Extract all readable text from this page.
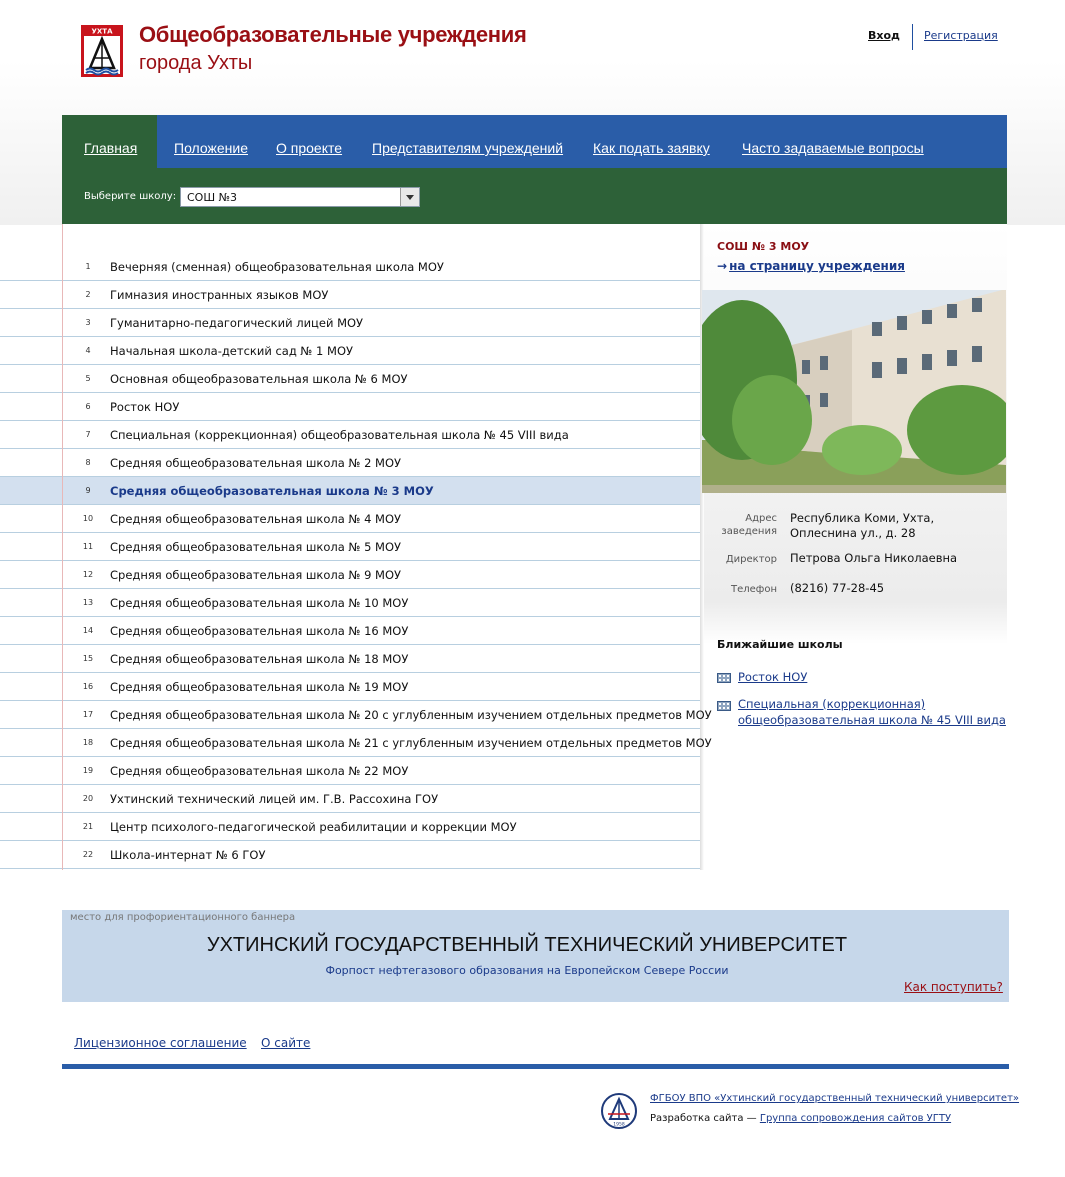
УХТА Общеобразовательные учреждения
города Ухты
Вход Регистрация
Главная	Положение О проекте Представителям учреждений Как подать заявку Часто задаваемые вопросы
Выберите школу: СОШ №3
1	Вечерняя (сменная) общеобразовательная школа МОУ
2	Гимназия иностранных языков МОУ
3	Гуманитарно-педагогический лицей МОУ
4	Начальная школа-детский сад № 1 МОУ
5	Основная общеобразовательная школа № 6 МОУ
6	Росток НОУ
7	Специальная (коррекционная) общеобразовательная школа № 45 VIII вида
8	Средняя общеобразовательная школа № 2 МОУ
9	Средняя общеобразовательная школа № 3 МОУ
10 Средняя общеобразовательная школа № 4 МОУ
11 Средняя общеобразовательная школа № 5 МОУ
12 Средняя общеобразовательная школа № 9 МОУ
13 Средняя общеобразовательная школа № 10 МОУ
14 Средняя общеобразовательная школа № 16 МОУ
15 Средняя общеобразовательная школа № 18 МОУ
16 Средняя общеобразовательная школа № 19 МОУ
17 Средняя общеобразовательная школа № 20 с углубленным изучением отдельных предметов МОУ
18 Средняя общеобразовательная школа № 21 с углубленным изучением отдельных предметов МОУ
19 Средняя общеобразовательная школа № 22 МОУ
20 Ухтинский технический лицей им. Г.В. Рассохина ГОУ
21 Центр психолого-педагогической реабилитации и коррекции МОУ
22 Школа-интернат № 6 ГОУ
СОШ № 3 МОУ
→ на страницу учреждения
Адрес
заведения
Республика Коми, Ухта,
Оплеснина ул., д. 28
Директор Петрова Ольга Николаевна
Телефон (8216) 77-28-45
Ближайшие школы
Росток НОУ
Специальная (коррекционная)
общеобразовательная школа № 45 VIII вида
место для профориентационного баннера
УХТИНСКИЙ ГОСУДАРСТВЕННЫЙ ТЕХНИЧЕСКИЙ УНИВЕРСИТЕТ
Форпост нефтегазового образования на Европейском Севере России
Как поступить?
Лицензионное соглашение О сайте
1958
ФГБОУ ВПО «Ухтинский государственный технический университет»
Разработка сайта — Группа сопровождения сайтов УГТУ
